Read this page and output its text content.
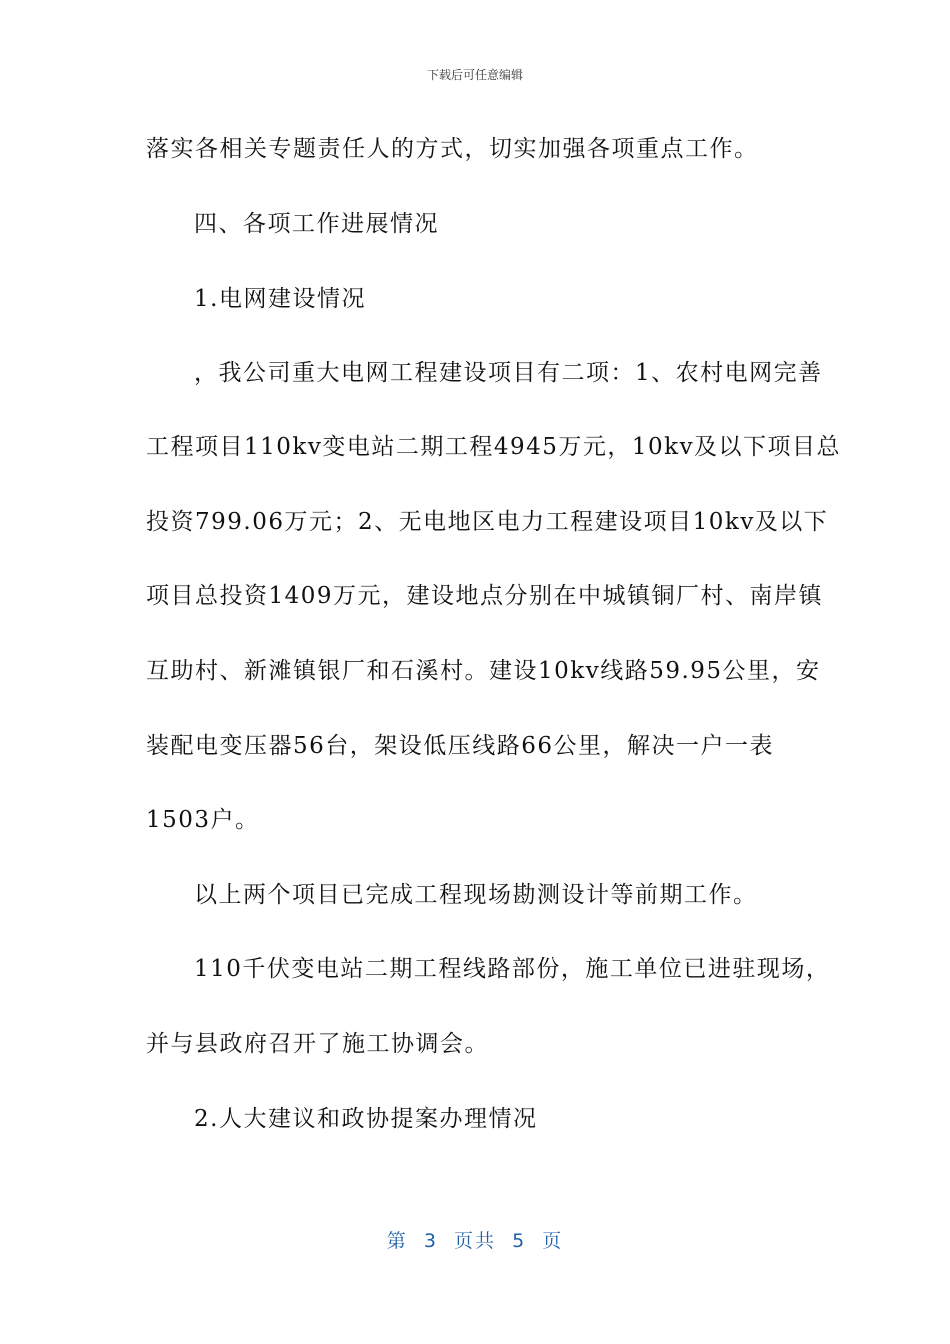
下载后可任意编辑
落实各相关专题责任人的方式，切实加强各项重点工作。
四、各项工作进展情况
1.电网建设情况
，我公司重大电网工程建设项目有二项：1、农村电网完善
工程项目110kv变电站二期工程4945万元，10kv及以下项目总
投资799.06万元；2、无电地区电力工程建设项目10kv及以下
项目总投资1409万元，建设地点分别在中城镇铜厂村、南岸镇
互助村、新滩镇银厂和石溪村。建设10kv线路59.95公里，安
装配电变压器56台，架设低压线路66公里，解决一户一表
1503户。
以上两个项目已完成工程现场勘测设计等前期工作。
110千伏变电站二期工程线路部份，施工单位已进驻现场，
并与县政府召开了施工协调会。
2.人大建议和政协提案办理情况
第  3  页共  5  页
